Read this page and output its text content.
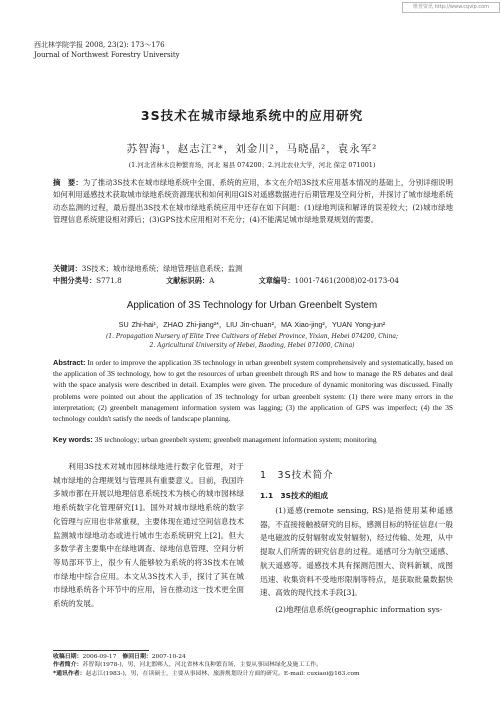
维普资讯 http://www.cqvip.com
西北林学院学报 2008, 23(2): 173～176
Journal of Northwest Forestry University
3S技术在城市绿地系统中的应用研究
苏智海¹，赵志江²*，刘金川²，马晓晶²，袁永军²
(1.河北省林木良种繁育场，河北 易县 074200；2.河北农业大学，河北 保定 071001)
摘　要：为了推动3S技术在城市绿地系统中全面、系统的应用，本文在介绍3S技术应用基本情况的基础上，分别详细说明如何利用遥感技术获取城市绿地系统资源现状和如何利用GIS对遥感数据进行后期管理及空间分析，并探讨了城市绿地系统动态监测的过程，最后提出3S技术在城市绿地系统应用中还存在如下问题：(1)绿地判读和解译的误差较大；(2)城市绿地管理信息系统建设相对滞后；(3)GPS技术应用相对不充分；(4)不能满足城市绿地景观规划的需要。
关键词：3S技术；城市绿地系统；绿地管理信息系统；监测
中图分类号：S771.8	文献标识码：A	文章编号：1001-7461(2008)02-0173-04
Application of 3S Technology for Urban Greenbelt System
SU Zhi-hai¹，ZHAO Zhi-jiang²*，LIU Jin-chuan²，MA Xiao-jing²，YUAN Yong-jun²
(1. Propagation Nursery of Elite Tree Cultivars of Hebei Province, Yixian, Hebei 074200, China;
2. Agricultural University of Hebei, Baoding, Hebei 071000, China)
Abstract: In order to improve the application 3S technology in urban greenbelt system comprehensively and systematically, based on the application of 3S technology, how to get the resources of urban greenbelt through RS and how to manage the RS debates and deal with the space analysis were described in detail. Examples were given. The procedure of dynamic monitoring was discussed. Finally problems were pointed out about the application of 3S technology for urban greenbelt system: (1) there were many errors in the interpretation; (2) greenbelt management information system was lagging; (3) the application of GPS was imperfect; (4) the 3S technology couldn't satisfy the needs of landscape planning.
Key words: 3S technology; urban greenbelt system; greenbelt management information system; monitoring
利用3S技术对城市园林绿地进行数字化管理，对于城市绿地的合理规划与管理具有重要意义。目前，我国许多城市都在开展以地理信息系统技术为核心的城市园林绿地系统数字化管理研究[1]。国外对城市绿地系统的数字化管理与应用也非常重视，主要体现在通过空间信息技术监测城市绿地动态或进行城市生态系统研究上[2]。但大多数学者主要集中在绿地调查、绿地信息管理、空间分析等局部环节上，很少有人能够较为系统的将3S技术在城市绿地中综合应用。本文从3S技术入手，探讨了其在城市绿地系统各个环节中的应用，旨在推动这一技术更全面系统的发展。
1　3S技术简介
1.1　3S技术的组成
(1)遥感(remote sensing, RS)是指使用某种遥感器，不直接接触被研究的目标，感测目标的特征信息(一般是电磁波的反射辐射或发射辐射)，经过传输、处理，从中提取人们所需的研究信息的过程。遥感可分为航空遥感、航天遥感等。遥感技术具有探测范围大、资料新颖、成图迅速、收集资料不受地形限制等特点，是获取批量数据快速、高效的现代技术手段[3]。
(2)地理信息系统(geographic information sys-
收稿日期：2006-09-17　 修回日期：2007-10-24
作者简介：苏智海(1978-)，男，河北邯郸人，河北省林木良种繁育场，主要从事园林绿化及施工工作。
*通讯作者：赵志江(1983-)，男，在读硕士，主要从事园林、旅游规划设计方面的研究。E-mail: cuxiaoi@163.com
